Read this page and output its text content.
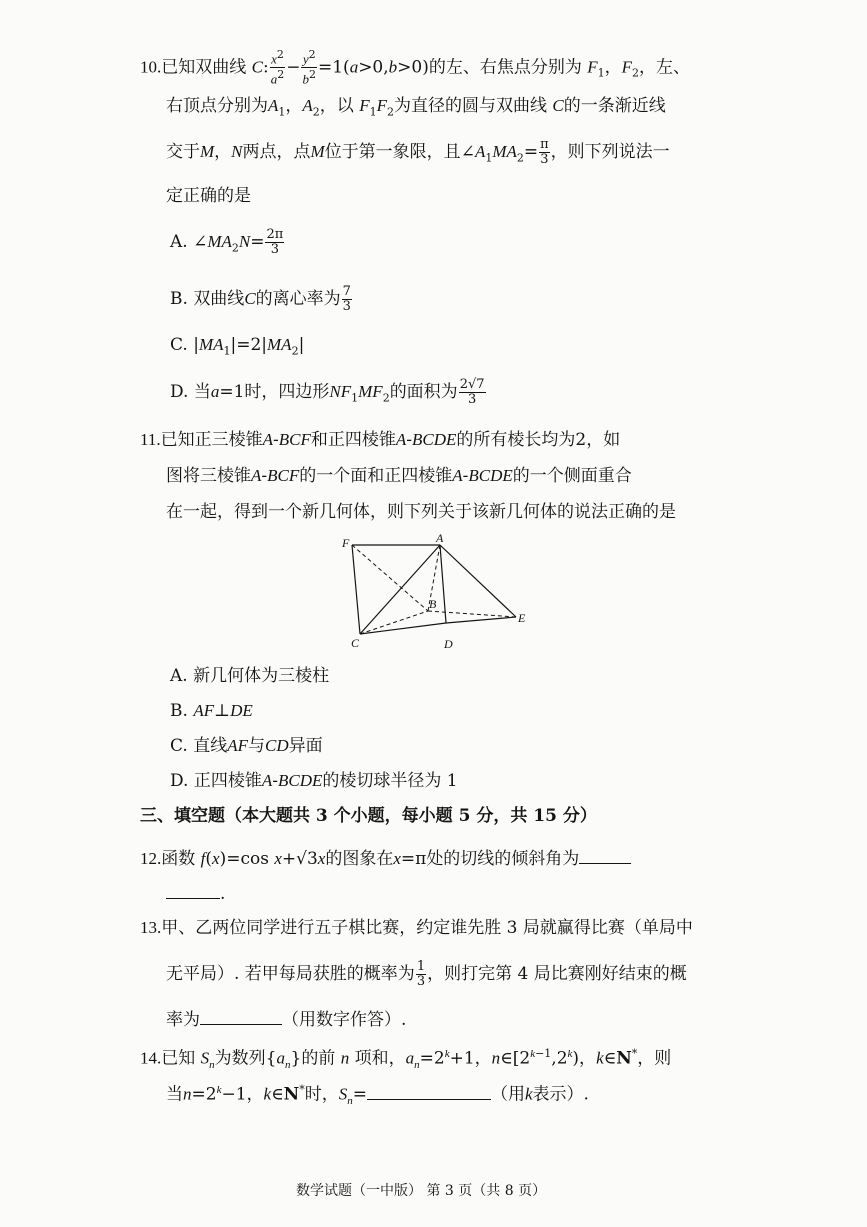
10.已知双曲线 C: $\frac{x^2}{a^2} - \frac{y^2}{b^2} =1(a>0,b>0)$的左、右焦点分别为 $F_1$，$F_2$，左、
右顶点分别为$A_1$，$A_2$，以 $F_1F_2$为直径的圆与双曲线 C的一条渐近线
交于M，N两点，点M位于第一象限，且$\angle A_1MA_2= \frac{\pi}{3}$ ，则下列说法一
定正确的是
A. $\angle MA_2N= \frac{2\pi}{3}$
B. 双曲线C的离心率为 $\frac{7}{3}$
C. $|MA_1|=2|MA_2|$
D. 当a=1时，四边形$NF_1MF_2$的面积为 $\frac{2√7}{3}$
11.已知正三棱锥A-BCF和正四棱锥A-BCDE的所有棱长均为2，如
图将三棱锥A-BCF的一个面和正四棱锥A-BCDE的一个侧面重合
在一起，得到一个新几何体，则下列关于该新几何体的说法正确的是
F	A
B
C	D
E
A. 新几何体为三棱柱
B. AF⊥DE
C. 直线AF与CD异面
D. 正四棱锥A-BCDE的棱切球半径为 1
三、填空题（本大题共 3 个小题，每小题 5 分，共 15 分）
12.函数 f(x)=cos x+√3x的图象在x=π处的切线的倾斜角为
.
13.甲、乙两位同学进行五子棋比赛，约定谁先胜 3 局就赢得比赛（单局中
无平局）. 若甲每局获胜的概率为 $\frac{1}{3}$ ，则打完第 4 局比赛刚好结束的概
率为	（用数字作答）.
14.已知 $S_n$为数列$\{a_n\}$的前 n 项和，$a_n=2^k+1$，$n\in[2^{k-1},2^k)$，k∈N*，则
当$n=2^k-1$，k∈N*时，$S_n=$	（用k表示）.
数学试题（一中版） 第 3 页（共 8 页）
